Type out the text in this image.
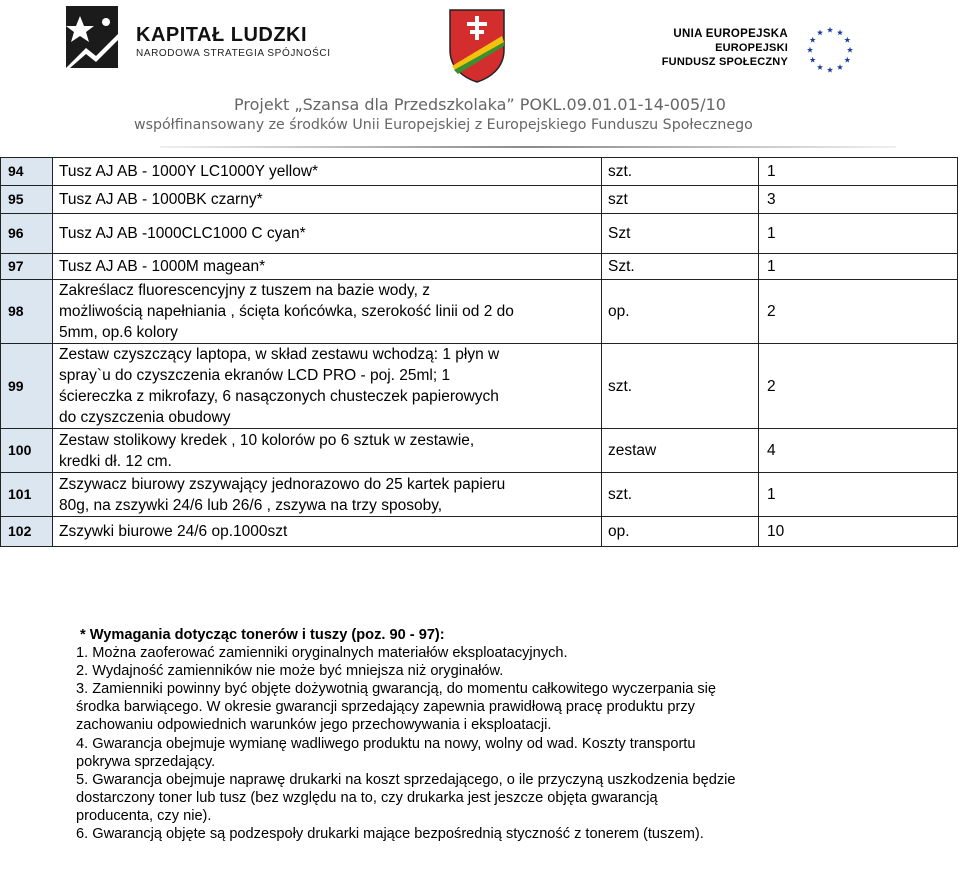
KAPITAŁ LUDZKI
NARODOWA STRATEGIA SPÓJNOŚCI
UNIA EUROPEJSKA
EUROPEJSKI
FUNDUSZ SPOŁECZNY
Projekt „Szansa dla Przedszkolaka” POKL.09.01.01-14-005/10
współfinansowany ze środków Unii Europejskiej z Europejskiego Funduszu Społecznego
94	Tusz AJ AB - 1000Y LC1000Y yellow*	szt.	1
95	Tusz AJ AB - 1000BK czarny*	szt	3
96	Tusz AJ AB -1000CLC1000 C cyan*	Szt	1
97	Tusz AJ AB - 1000M magean*	Szt.	1
98	Zakreślacz fluorescencyjny z tuszem na bazie wody, z
możliwością napełniania , ścięta końcówka, szerokość linii od 2 do
5mm, op.6 kolory	op.	2
99	Zestaw czyszczący laptopa, w skład zestawu wchodzą: 1 płyn w
spray`u do czyszczenia ekranów LCD PRO - poj. 25ml; 1
ściereczka z mikrofazy, 6 nasączonych chusteczek papierowych
do czyszczenia obudowy	szt.	2
100	Zestaw stolikowy kredek , 10 kolorów po 6 sztuk w zestawie,
kredki dł. 12 cm.	zestaw	4
101	Zszywacz biurowy zszywający jednorazowo do 25 kartek papieru
80g, na zszywki 24/6 lub 26/6 , zszywa na trzy sposoby,	szt.	1
102	Zszywki biurowe 24/6 op.1000szt	op.	10

* Wymagania dotycząc tonerów i tuszy (poz. 90 - 97):

1. Można zaoferować zamienniki oryginalnych materiałów eksploatacyjnych.

2. Wydajność zamienników nie może być mniejsza niż oryginałów.

3. Zamienniki powinny być objęte dożywotnią gwarancją, do momentu całkowitego wyczerpania się

środka barwiącego. W okresie gwarancji sprzedający zapewnia prawidłową pracę produktu przy

zachowaniu odpowiednich warunków jego przechowywania i eksploatacji.

4. Gwarancja obejmuje wymianę wadliwego produktu na nowy, wolny od wad. Koszty transportu

pokrywa sprzedający.

5. Gwarancja obejmuje naprawę drukarki na koszt sprzedającego, o ile przyczyną uszkodzenia będzie

dostarczony toner lub tusz (bez względu na to, czy drukarka jest jeszcze objęta gwarancją

producenta, czy nie).

6. Gwarancją objęte są podzespoły drukarki mające bezpośrednią styczność z tonerem (tuszem).
